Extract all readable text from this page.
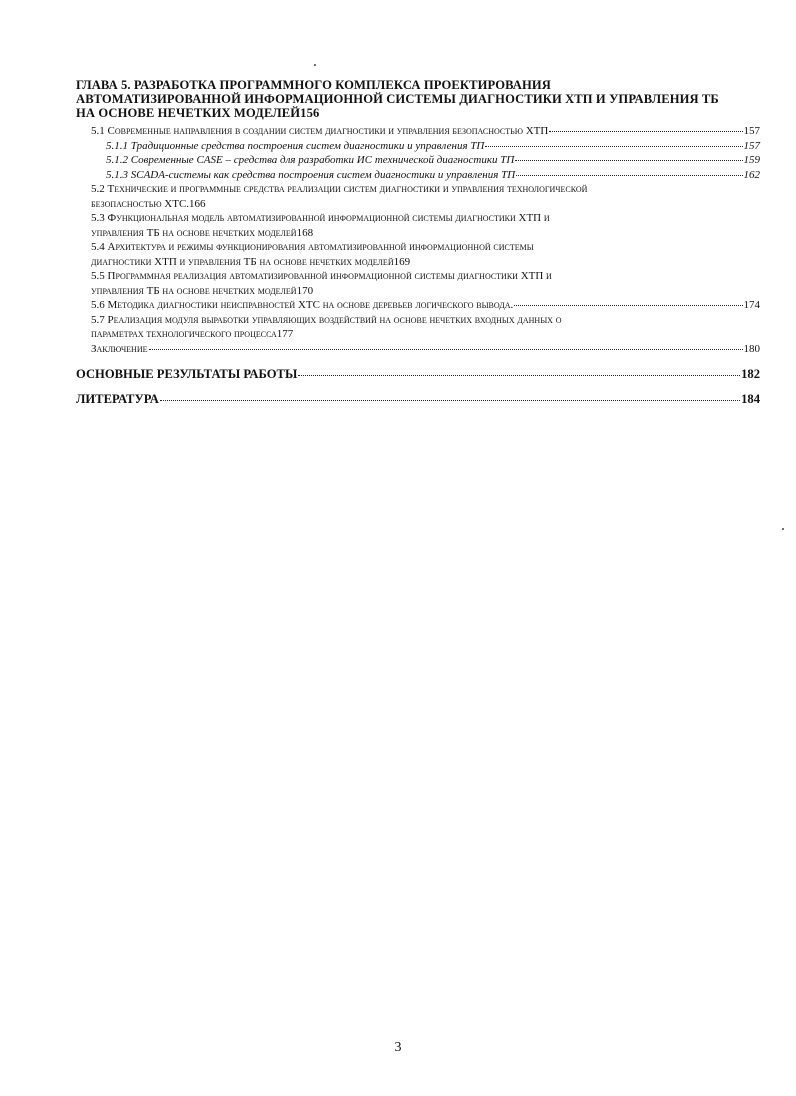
ГЛАВА 5. РАЗРАБОТКА ПРОГРАММНОГО КОМПЛЕКСА ПРОЕКТИРОВАНИЯ
АВТОМАТИЗИРОВАННОЙ ИНФОРМАЦИОННОЙ СИСТЕМЫ ДИАГНОСТИКИ ХТП И УПРАВЛЕНИЯ ТБ
НА ОСНОВЕ НЕЧЕТКИХ МОДЕЛЕЙ 156
5.1 Современные направления в создании систем диагностики и управления безопасностью ХТП	157
5.1.1 Традиционные средства построения систем диагностики и управления ТП	157
5.1.2 Современные CASE – средства для разработки ИС технической диагностики ТП	159
5.1.3 SCADA-системы как средства построения систем диагностики и управления ТП	162
5.2 Технические и программные средства реализации систем диагностики и управления технологической
безопасностью ХТС. 166
5.3 Функциональная модель автоматизированной информационной системы диагностики ХТП и
управления ТБ на основе нечетких моделей 168
5.4 Архитектура и режимы функционирования автоматизированной информационной системы
диагностики ХТП и управления ТБ на основе нечетких моделей 169
5.5 Программная реализация автоматизированной информационной системы диагностики ХТП и
управления ТБ на основе нечетких моделей 170
5.6 Методика диагностики неисправностей ХТС на основе деревьев логического вывода.	174
5.7 Реализация модуля выработки управляющих воздействий на основе нечетких входных данных о
параметрах технологического процесса 177
Заключение	180
ОСНОВНЫЕ РЕЗУЛЬТАТЫ РАБОТЫ	182
ЛИТЕРАТУРА	184
3
